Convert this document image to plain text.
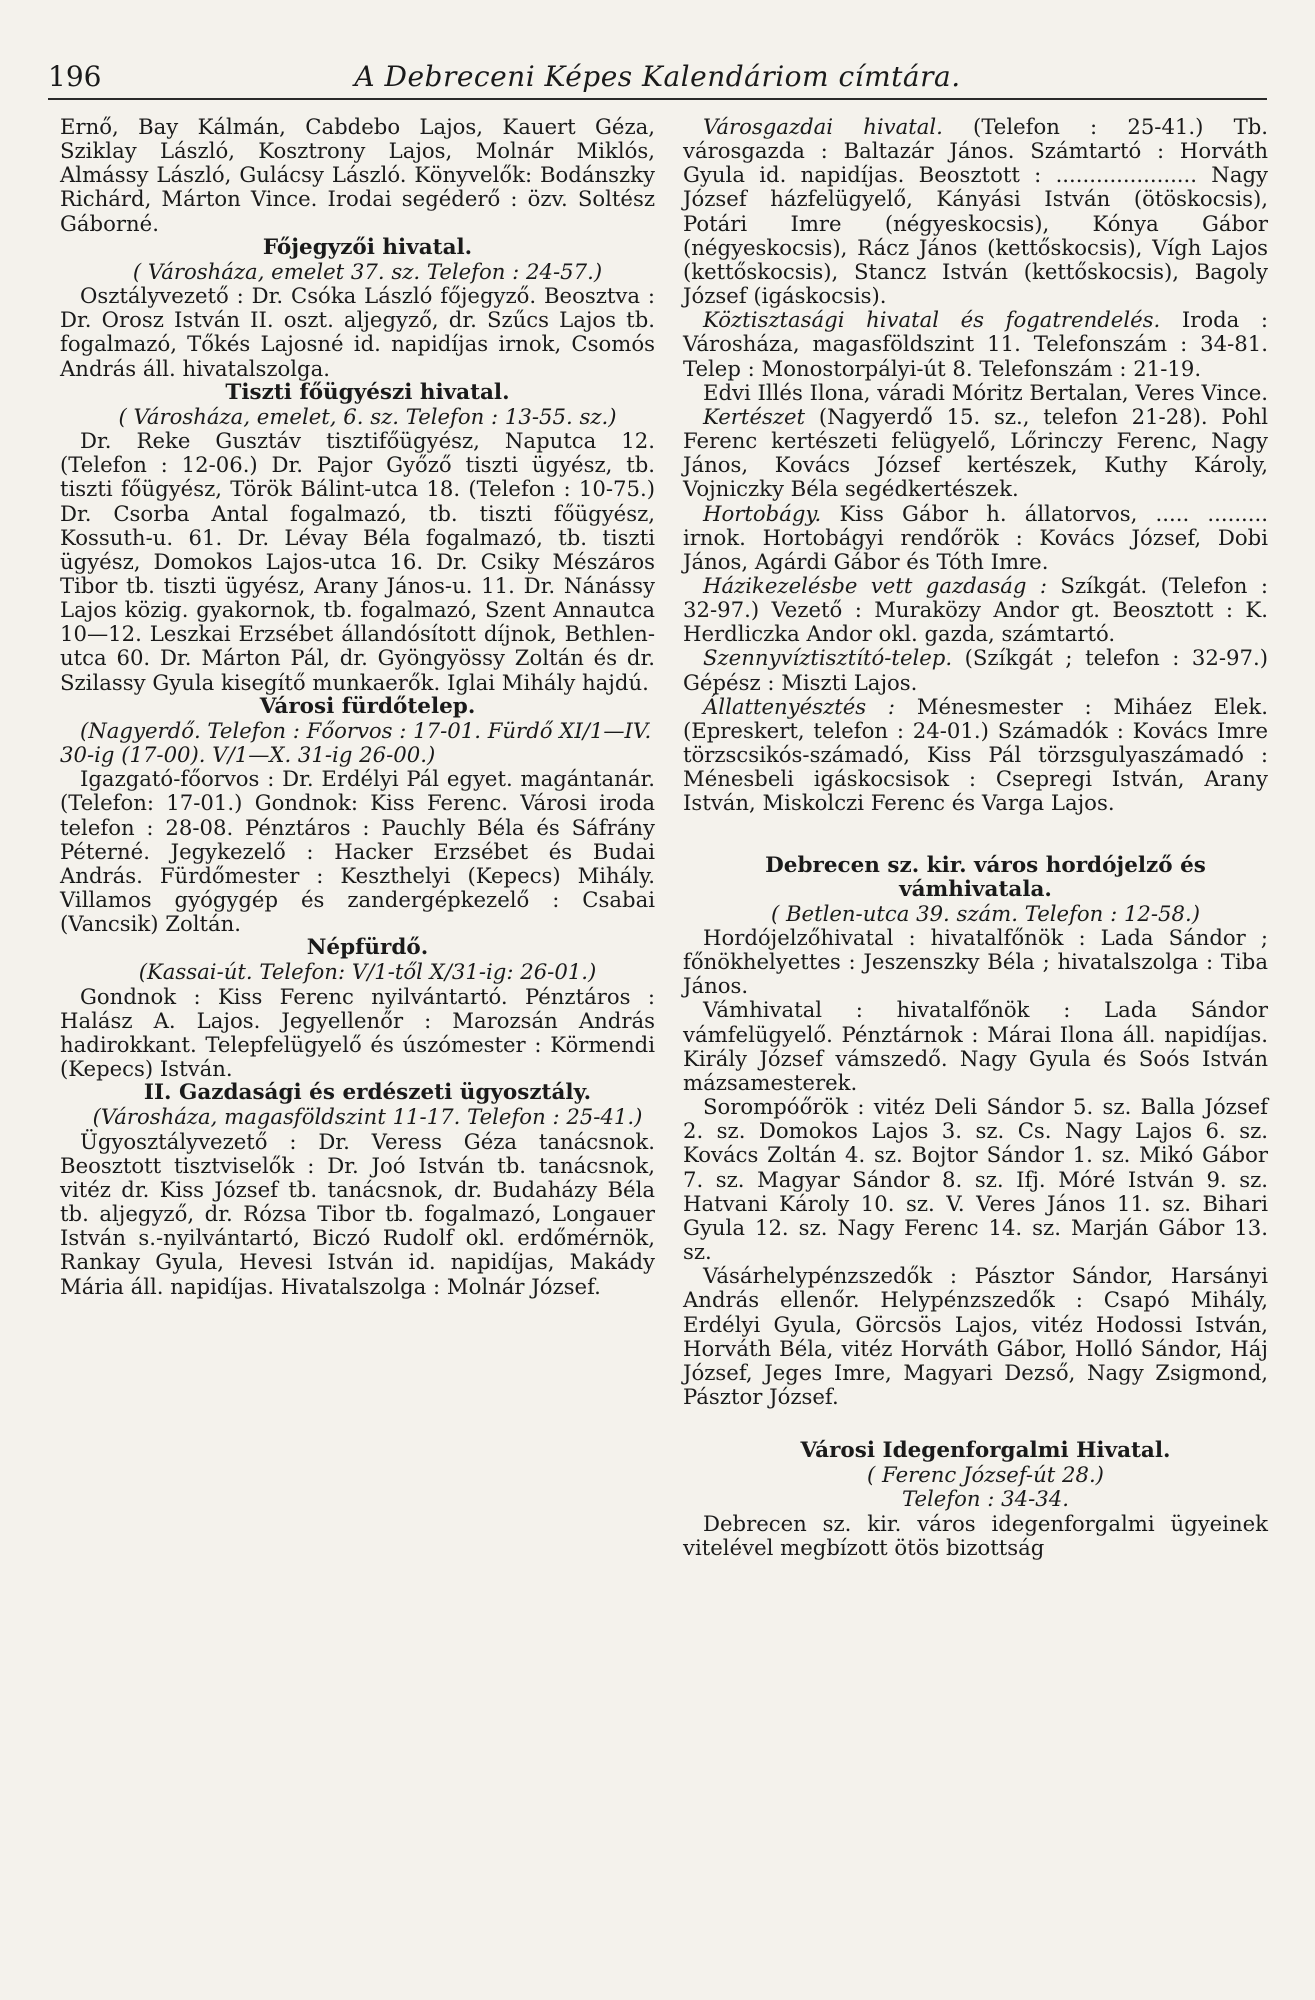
196	A Debreceni Képes Kalendáriom címtára.

Ernő, Bay Kálmán, Cabdebo Lajos, Kauert Géza, Sziklay László, Kosztrony Lajos, Molnár Miklós, Almássy László, Gulácsy László. Könyvelők: Bodánszky Richárd, Márton Vince. Irodai segéderő : özv. Soltész Gáborné.

Főjegyzői hivatal.

( Városháza, emelet 37. sz. Telefon : 24-57.)

Osztályvezető : Dr. Csóka László főjegyző. Beosztva : Dr. Orosz István II. oszt. aljegyző, dr. Szűcs Lajos tb. fogalmazó, Tőkés Lajosné id. napidíjas irnok, Csomós András áll. hivatalszolga.

Tiszti főügyészi hivatal.

( Városháza, emelet, 6. sz. Telefon : 13-55. sz.)

Dr. Reke Gusztáv tisztifőügyész, Naputca 12. (Telefon : 12-06.) Dr. Pajor Győző tiszti ügyész, tb. tiszti főügyész, Török Bálint-utca 18. (Telefon : 10-75.) Dr. Csorba Antal fogalmazó, tb. tiszti főügyész, Kossuth-u. 61. Dr. Lévay Béla fogalmazó, tb. tiszti ügyész, Domokos Lajos-utca 16. Dr. Csiky Mészáros Tibor tb. tiszti ügyész, Arany János-u. 11. Dr. Nánássy Lajos közig. gyakornok, tb. fogalmazó, Szent Annautca 10—12. Leszkai Erzsébet állandósított díjnok, Bethlen-utca 60. Dr. Márton Pál, dr. Gyöngyössy Zoltán és dr. Szilassy Gyula kisegítő munkaerők. Iglai Mihály hajdú.

Városi fürdőtelep.

(Nagyerdő. Telefon : Főorvos : 17-01. Fürdő XI/1—IV. 30-ig (17-00). V/1—X. 31-ig 26-00.)

Igazgató-főorvos : Dr. Erdélyi Pál egyet. magántanár. (Telefon: 17-01.) Gondnok: Kiss Ferenc. Városi iroda telefon : 28-08. Pénztáros : Pauchly Béla és Sáfrány Péterné. Jegykezelő : Hacker Erzsébet és Budai András. Fürdőmester : Keszthelyi (Kepecs) Mihály. Villamos gyógygép és zandergépkezelő : Csabai (Vancsik) Zoltán.

Népfürdő.

(Kassai-út. Telefon: V/1-től X/31-ig: 26-01.)

Gondnok : Kiss Ferenc nyilvántartó. Pénztáros : Halász A. Lajos. Jegyellenőr : Marozsán András hadirokkant. Telepfelügyelő és úszómester : Körmendi (Kepecs) István.

II. Gazdasági és erdészeti ügyosztály.

(Városháza, magasföldszint 11-17. Telefon : 25-41.)

Ügyosztályvezető : Dr. Veress Géza tanácsnok. Beosztott tisztviselők : Dr. Joó István tb. tanácsnok, vitéz dr. Kiss József tb. tanácsnok, dr. Budaházy Béla tb. aljegyző, dr. Rózsa Tibor tb. fogalmazó, Longauer István s.-nyilvántartó, Biczó Rudolf okl. erdőmérnök, Rankay Gyula, Hevesi István id. napidíjas, Makády Mária áll. napidíjas. Hivatalszolga : Molnár József.

Városgazdai hivatal. (Telefon : 25-41.) Tb. városgazda : Baltazár János. Számtartó : Horváth Gyula id. napidíjas. Beosztott : ..................... Nagy József házfelügyelő, Kányási István (ötöskocsis), Potári Imre (négyeskocsis), Kónya Gábor (négyeskocsis), Rácz János (kettőskocsis), Vígh Lajos (kettőskocsis), Stancz István (kettőskocsis), Bagoly József (igáskocsis).

Köztisztasági hivatal és fogatrendelés. Iroda : Városháza, magasföldszint 11. Telefonszám : 34-81. Telep : Monostorpályi-út 8. Telefonszám : 21-19.

Edvi Illés Ilona, váradi Móritz Bertalan, Veres Vince.

Kertészet (Nagyerdő 15. sz., telefon 21-28). Pohl Ferenc kertészeti felügyelő, Lőrinczy Ferenc, Nagy János, Kovács József kertészek, Kuthy Károly, Vojniczky Béla segédkertészek.

Hortobágy. Kiss Gábor h. állatorvos, ..... ......... irnok. Hortobágyi rendőrök : Kovács József, Dobi János, Agárdi Gábor és Tóth Imre.

Házikezelésbe vett gazdaság : Szíkgát. (Telefon : 32-97.) Vezető : Muraközy Andor gt. Beosztott : K. Herdliczka Andor okl. gazda, számtartó.

Szennyvíztisztító-telep. (Szíkgát ; telefon : 32-97.) Gépész : Miszti Lajos.

Állattenyésztés : Ménesmester : Miháez Elek. (Epreskert, telefon : 24-01.) Számadók : Kovács Imre törzscsikós-számadó, Kiss Pál törzsgulyaszámadó : Ménesbeli igáskocsisok : Csepregi István, Arany István, Miskolczi Ferenc és Varga Lajos.

Debrecen sz. kir. város hordójelző és vámhivatala.

( Betlen-utca 39. szám. Telefon : 12-58.)

Hordójelzőhivatal : hivatalfőnök : Lada Sándor ; főnökhelyettes : Jeszenszky Béla ; hivatalszolga : Tiba János.

Vámhivatal : hivatalfőnök : Lada Sándor vámfelügyelő. Pénztárnok : Márai Ilona áll. napidíjas. Király József vámszedő. Nagy Gyula és Soós István mázsamesterek.

Sorompóőrök : vitéz Deli Sándor 5. sz. Balla József 2. sz. Domokos Lajos 3. sz. Cs. Nagy Lajos 6. sz. Kovács Zoltán 4. sz. Bojtor Sándor 1. sz. Mikó Gábor 7. sz. Magyar Sándor 8. sz. Ifj. Móré István 9. sz. Hatvani Károly 10. sz. V. Veres János 11. sz. Bihari Gyula 12. sz. Nagy Ferenc 14. sz. Marján Gábor 13. sz.

Vásárhelypénzszedők : Pásztor Sándor, Harsányi András ellenőr. Helypénzszedők : Csapó Mihály, Erdélyi Gyula, Görcsös Lajos, vitéz Hodossi István, Horváth Béla, vitéz Horváth Gábor, Holló Sándor, Háj József, Jeges Imre, Magyari Dezső, Nagy Zsigmond, Pásztor József.

Városi Idegenforgalmi Hivatal.

( Ferenc József-út 28.)

Telefon : 34-34.

Debrecen sz. kir. város idegenforgalmi ügyeinek vitelével megbízott ötös bizottság
